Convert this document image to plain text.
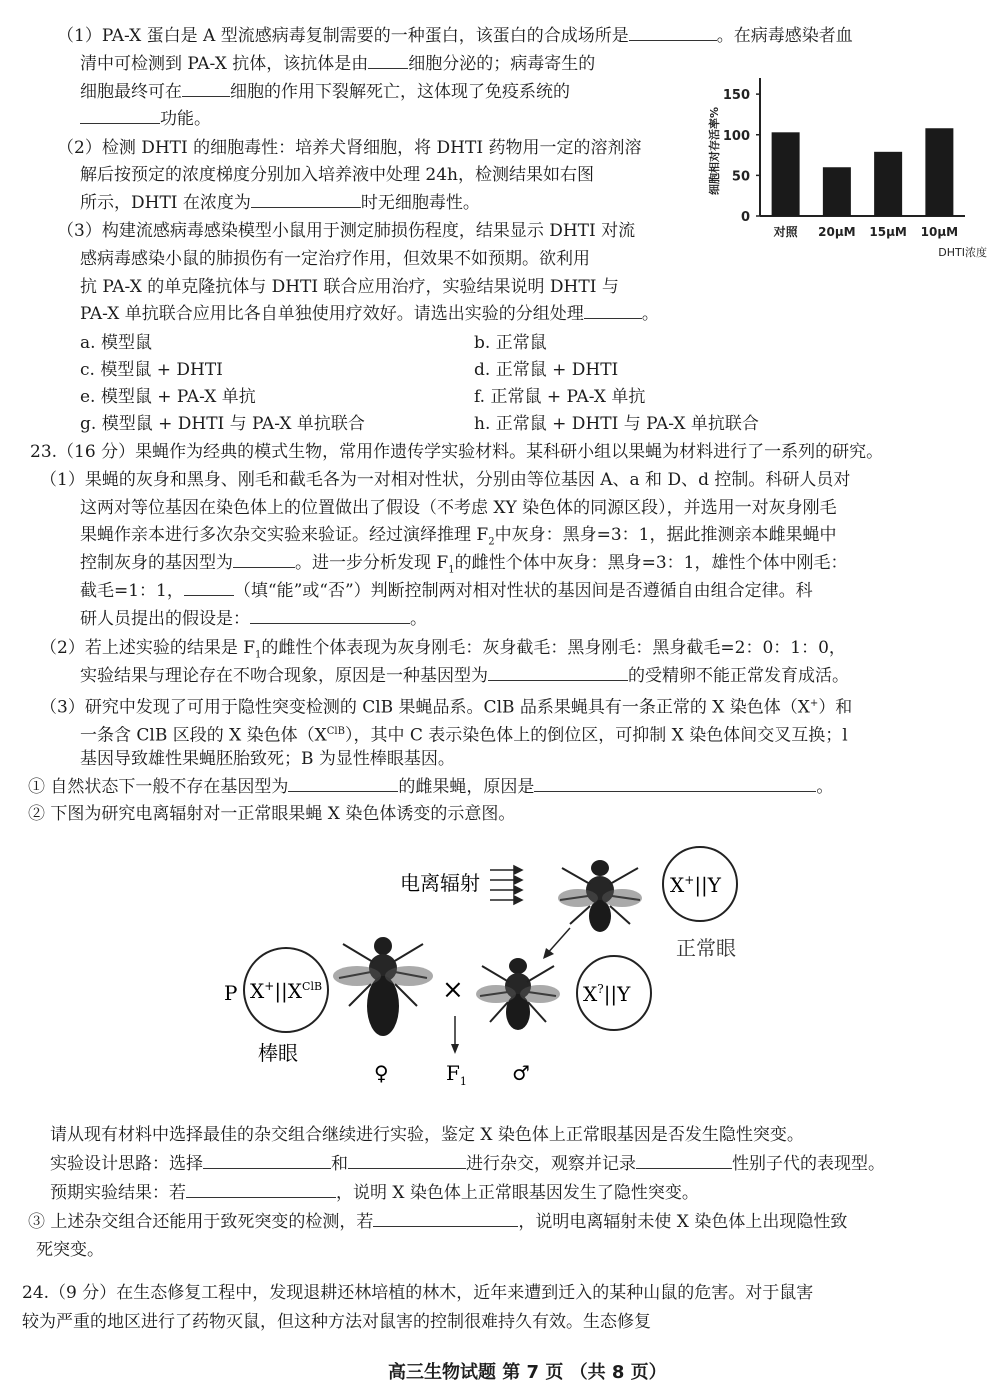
（1）PA-X 蛋白是 A 型流感病毒复制需要的一种蛋白，该蛋白的合成场所是	。在病毒感染者血
清中可检测到 PA-X 抗体，该抗体是由 细胞分泌的；病毒寄生的
细胞最终可在	细胞的作用下裂解死亡，这体现了免疫系统的
功能。
（2）检测 DHTI 的细胞毒性：培养犬肾细胞，将 DHTI 药物用一定的溶剂溶
解后按预定的浓度梯度分别加入培养液中处理 24h，检测结果如右图
所示，DHTI 在浓度为	时无细胞毒性。
（3）构建流感病毒感染模型小鼠用于测定肺损伤程度，结果显示 DHTI 对流
感病毒感染小鼠的肺损伤有一定治疗作用，但效果不如预期。欲利用
抗 PA-X 的单克隆抗体与 DHTI 联合应用治疗，实验结果说明 DHTI 与
PA-X 单抗联合应用比各自单独使用疗效好。请选出实验的分组处理	。
a. 模型鼠	b. 正常鼠
c. 模型鼠 + DHTI	d. 正常鼠 + DHTI
e. 模型鼠 + PA-X 单抗	f. 正常鼠 + PA-X 单抗
g. 模型鼠 + DHTI 与 PA-X 单抗联合	h. 正常鼠 + DHTI 与 PA-X 单抗联合
0
50
100
150
对照 20μM 15μM 10μM
细胞相对存活率%
DHTI浓度
23.（16 分）果蝇作为经典的模式生物，常用作遗传学实验材料。某科研小组以果蝇为材料进行了一系列的研究。
（1）果蝇的灰身和黑身、刚毛和截毛各为一对相对性状，分别由等位基因 A、a 和 D、d 控制。科研人员对
这两对等位基因在染色体上的位置做出了假设（不考虑 XY 染色体的同源区段），并选用一对灰身刚毛
果蝇作亲本进行多次杂交实验来验证。经过演绎推理 $F_2$中灰身：黑身=3：1，据此推测亲本雌果蝇中
控制灰身的基因型为	。进一步分析发现 $F_1$的雌性个体中灰身：黑身=3：1，雄性个体中刚毛：
截毛=1：1，	（填“能”或“否”）判断控制两对相对性状的基因间是否遵循自由组合定律。科
研人员提出的假设是：	。
（2）若上述实验的结果是 $F_1$的雌性个体表现为灰身刚毛：灰身截毛：黑身刚毛：黑身截毛=2：0：1：0，
实验结果与理论存在不吻合现象，原因是一种基因型为	的受精卵不能正常发育成活。
（3）研究中发现了可用于隐性突变检测的 ClB 果蝇品系。ClB 品系果蝇具有一条正常的 X 染色体（X+）和
一条含 ClB 区段的 X 染色体$(X^{ClB})$，其中 C 表示染色体上的倒位区，可抑制 X 染色体间交叉互换；l
基因导致雄性果蝇胚胎致死；B 为显性棒眼基因。
① 自然状态下一般不存在基因型为	的雌果蝇，原因是	。
② 下图为研究电离辐射对一正常眼果蝇 X 染色体诱变的示意图。
电离辐射	X+||Y
正常眼
P $X^+||X^{ClB}$
棒眼
×
$F_1$
♀	♂
X?||Y
请从现有材料中选择最佳的杂交组合继续进行实验，鉴定 X 染色体上正常眼基因是否发生隐性突变。
实验设计思路：选择	和	进行杂交，观察并记录	性别子代的表现型。
预期实验结果：若	，说明 X 染色体上正常眼基因发生了隐性突变。
③ 上述杂交组合还能用于致死突变的检测，若	，说明电离辐射未使 X 染色体上出现隐性致
死突变。
24.（9 分）在生态修复工程中，发现退耕还林培植的林木，近年来遭到迁入的某种山鼠的危害。对于鼠害
较为严重的地区进行了药物灭鼠，但这种方法对鼠害的控制很难持久有效。生态修复
高三生物试题 第 7 页 （共 8 页）
